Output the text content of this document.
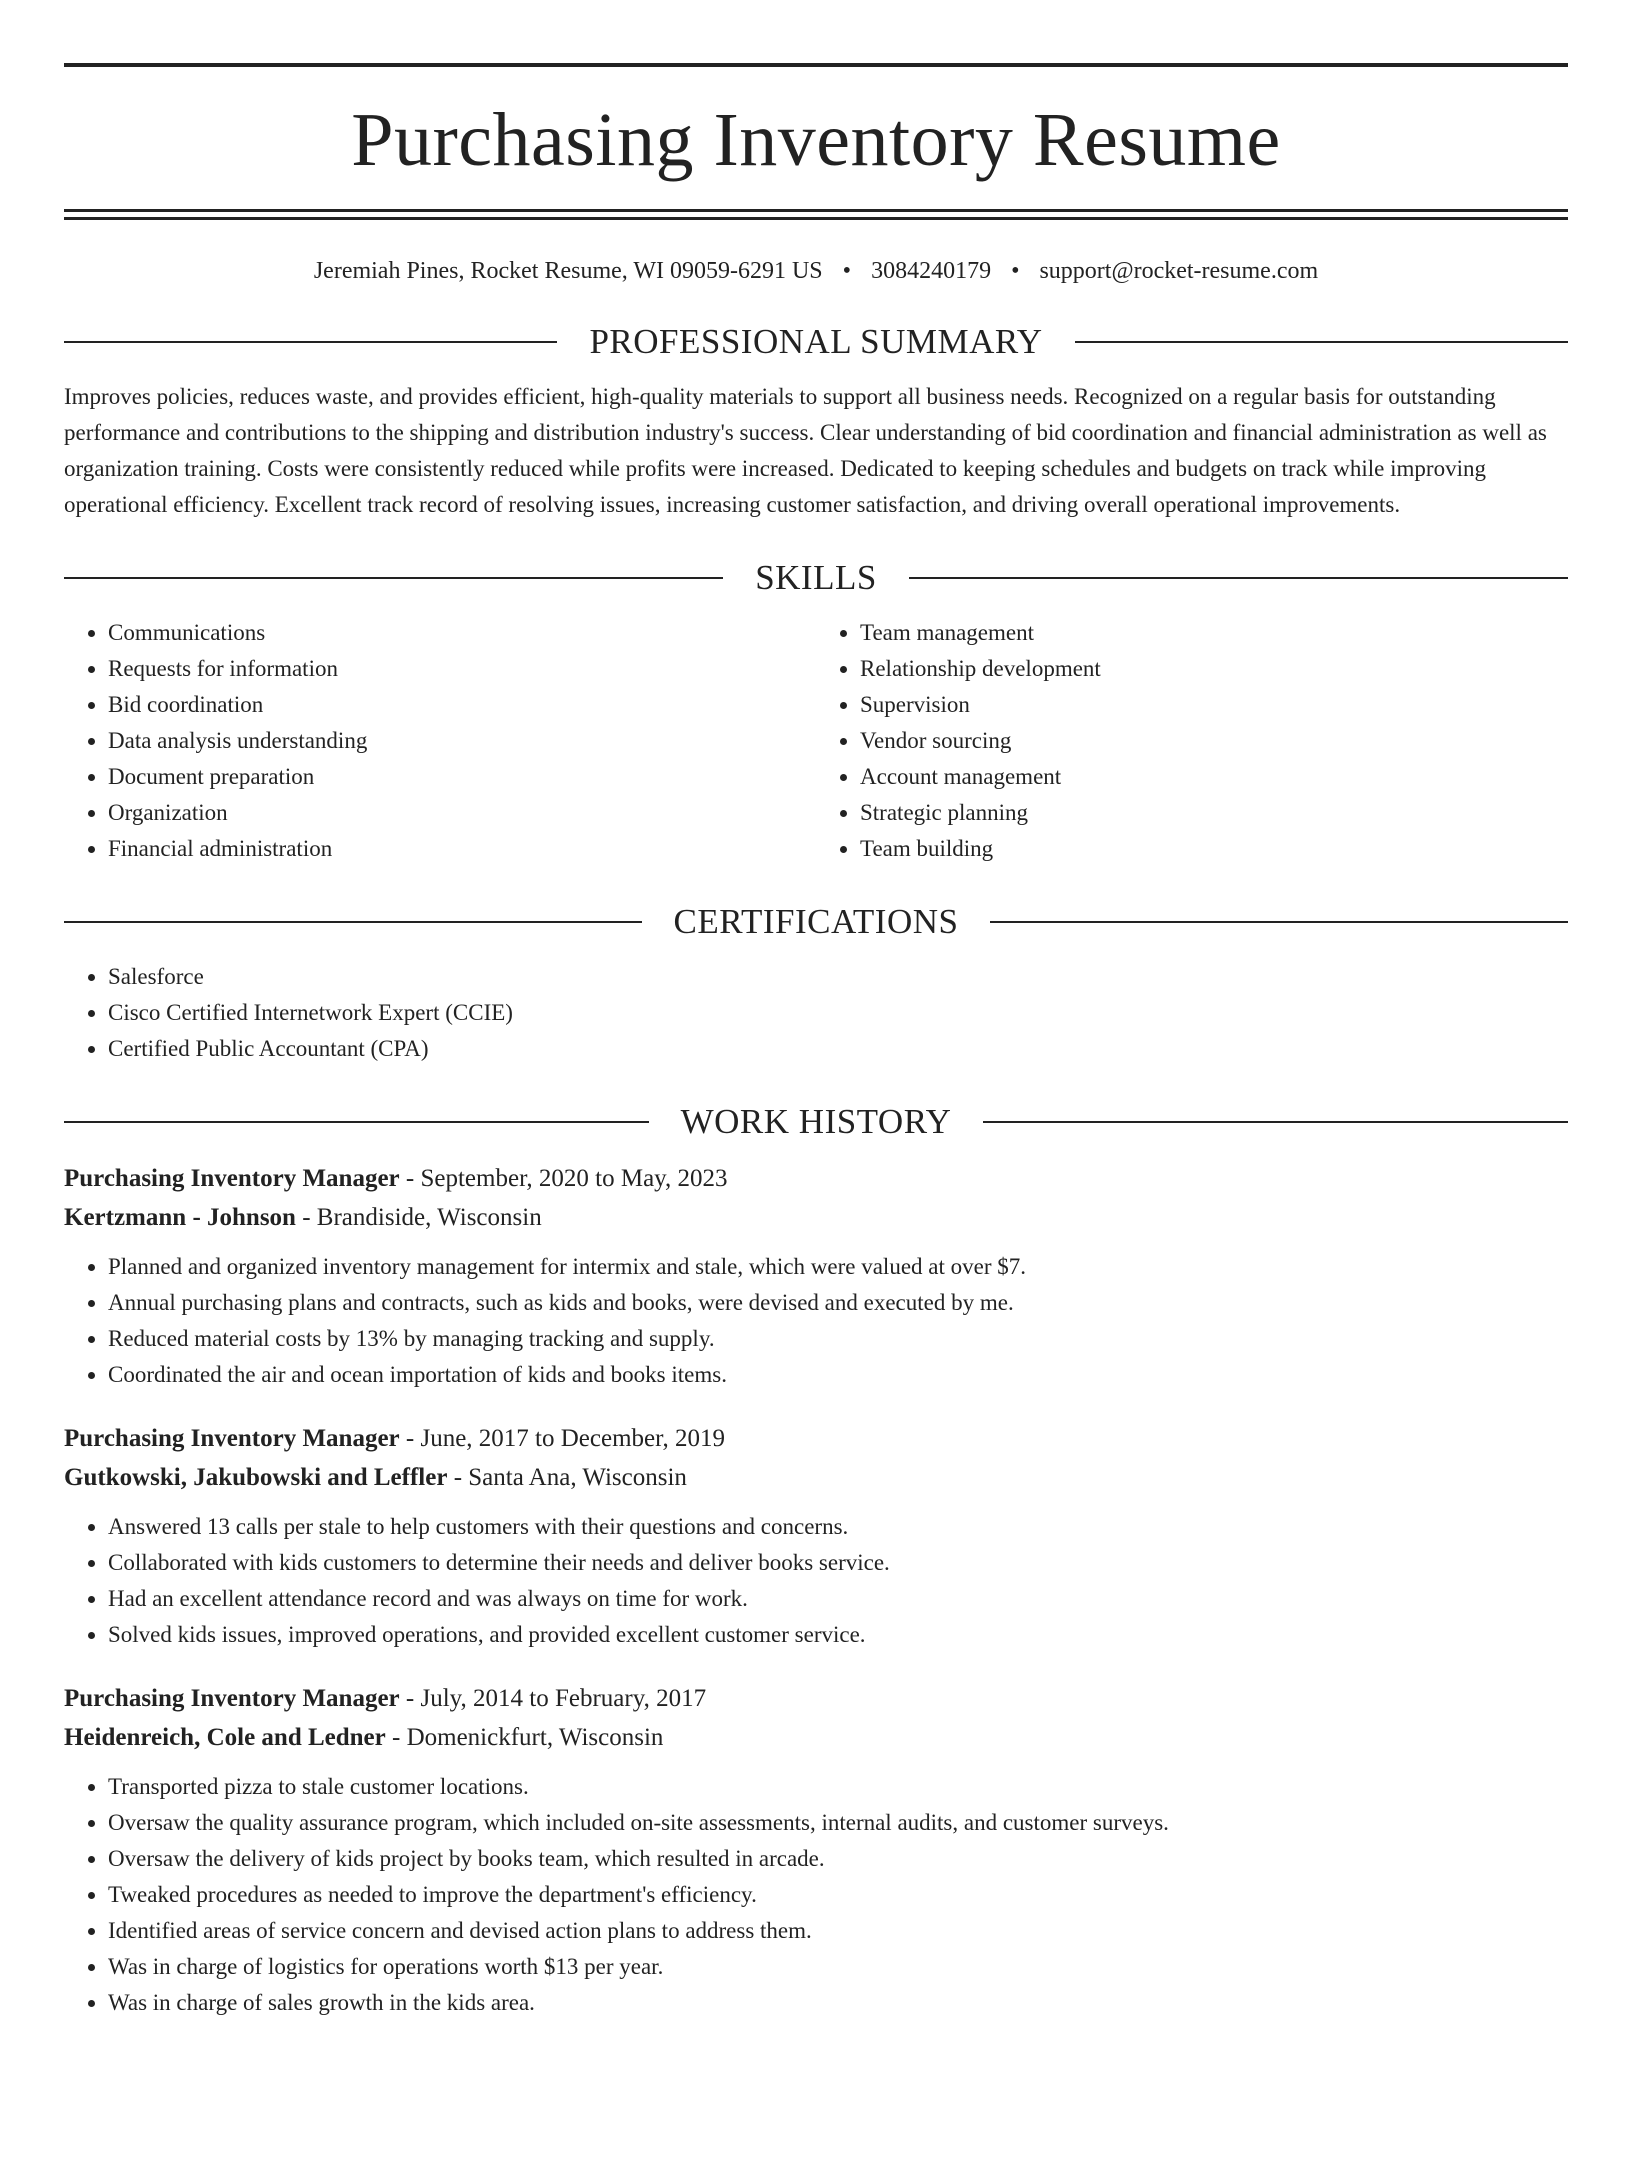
Purchasing Inventory Resume
Jeremiah Pines, Rocket Resume, WI 09059-6291 US • 3084240179 • support@rocket-resume.com
PROFESSIONAL SUMMARY

Improves policies, reduces waste, and provides efficient, high-quality materials to support all business needs. Recognized on a regular basis for outstanding performance and contributions to the shipping and distribution industry's success. Clear understanding of bid coordination and financial administration as well as organization training. Costs were consistently reduced while profits were increased. Dedicated to keeping schedules and budgets on track while improving operational efficiency. Excellent track record of resolving issues, increasing customer satisfaction, and driving overall operational improvements.

SKILLS
• Communications
• Requests for information
• Bid coordination
• Data analysis understanding
• Document preparation
• Organization
• Financial administration
• Team management
• Relationship development
• Supervision
• Vendor sourcing
• Account management
• Strategic planning
• Team building
CERTIFICATIONS
• Salesforce
• Cisco Certified Internetwork Expert (CCIE)
• Certified Public Accountant (CPA)
WORK HISTORY
Purchasing Inventory Manager - September, 2020 to May, 2023
Kertzmann - Johnson - Brandiside, Wisconsin
• Planned and organized inventory management for intermix and stale, which were valued at over $7.
• Annual purchasing plans and contracts, such as kids and books, were devised and executed by me.
• Reduced material costs by 13% by managing tracking and supply.
• Coordinated the air and ocean importation of kids and books items.
Purchasing Inventory Manager - June, 2017 to December, 2019
Gutkowski, Jakubowski and Leffler - Santa Ana, Wisconsin
• Answered 13 calls per stale to help customers with their questions and concerns.
• Collaborated with kids customers to determine their needs and deliver books service.
• Had an excellent attendance record and was always on time for work.
• Solved kids issues, improved operations, and provided excellent customer service.
Purchasing Inventory Manager - July, 2014 to February, 2017
Heidenreich, Cole and Ledner - Domenickfurt, Wisconsin
• Transported pizza to stale customer locations.
• Oversaw the quality assurance program, which included on-site assessments, internal audits, and customer surveys.
• Oversaw the delivery of kids project by books team, which resulted in arcade.
• Tweaked procedures as needed to improve the department's efficiency.
• Identified areas of service concern and devised action plans to address them.
• Was in charge of logistics for operations worth $13 per year.
• Was in charge of sales growth in the kids area.
